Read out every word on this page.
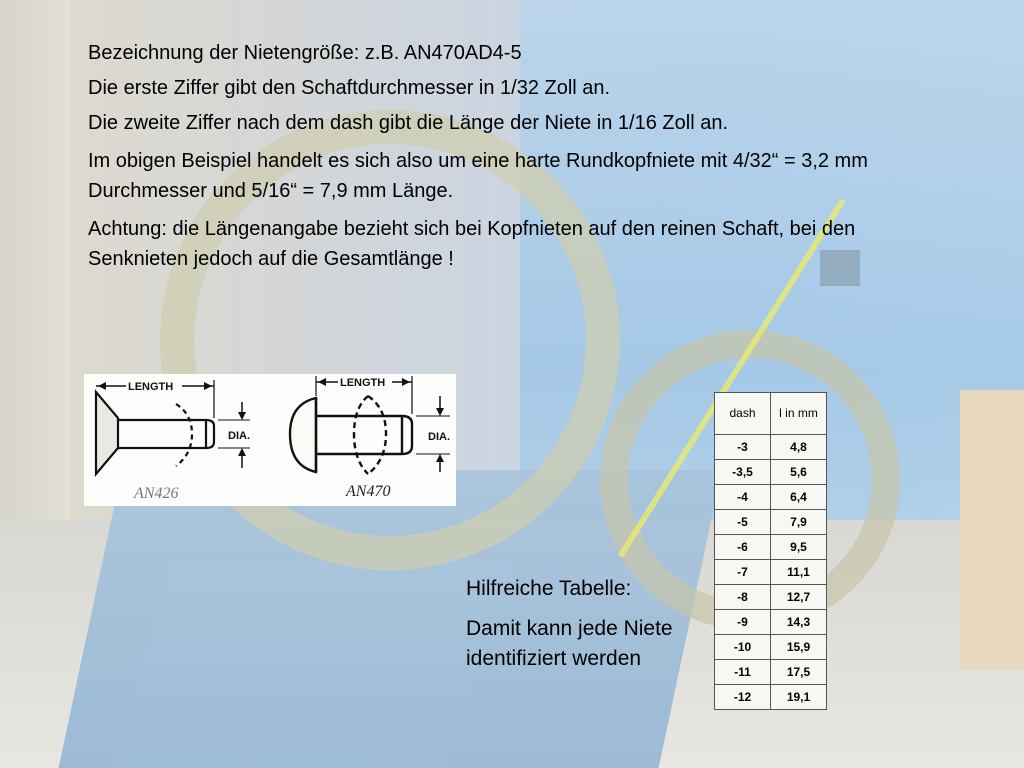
Bezeichnung der Nietengröße: z.B. AN470AD4-5

Die erste Ziffer gibt den Schaftdurchmesser in 1/32 Zoll an.

Die zweite Ziffer nach dem dash gibt die Länge der Niete in 1/16 Zoll an.

Im obigen Beispiel handelt es sich also um eine harte Rundkopfniete mit 4/32“ = 3,2 mm Durchmesser und 5/16“ = 7,9 mm Länge.

Achtung: die Längenangabe bezieht sich bei Kopfnieten auf den reinen Schaft, bei den Senknieten jedoch auf die Gesamtlänge !

LENGTH
DIA.
AN426
LENGTH
DIA.
AN470

Hilfreiche Tabelle:

Damit kann jede Niete identifiziert werden

dash	l in mm
-3	4,8
-3,5	5,6
-4	6,4
-5	7,9
-6	9,5
-7	11,1
-8	12,7
-9	14,3
-10	15,9
-11	17,5
-12	19,1
